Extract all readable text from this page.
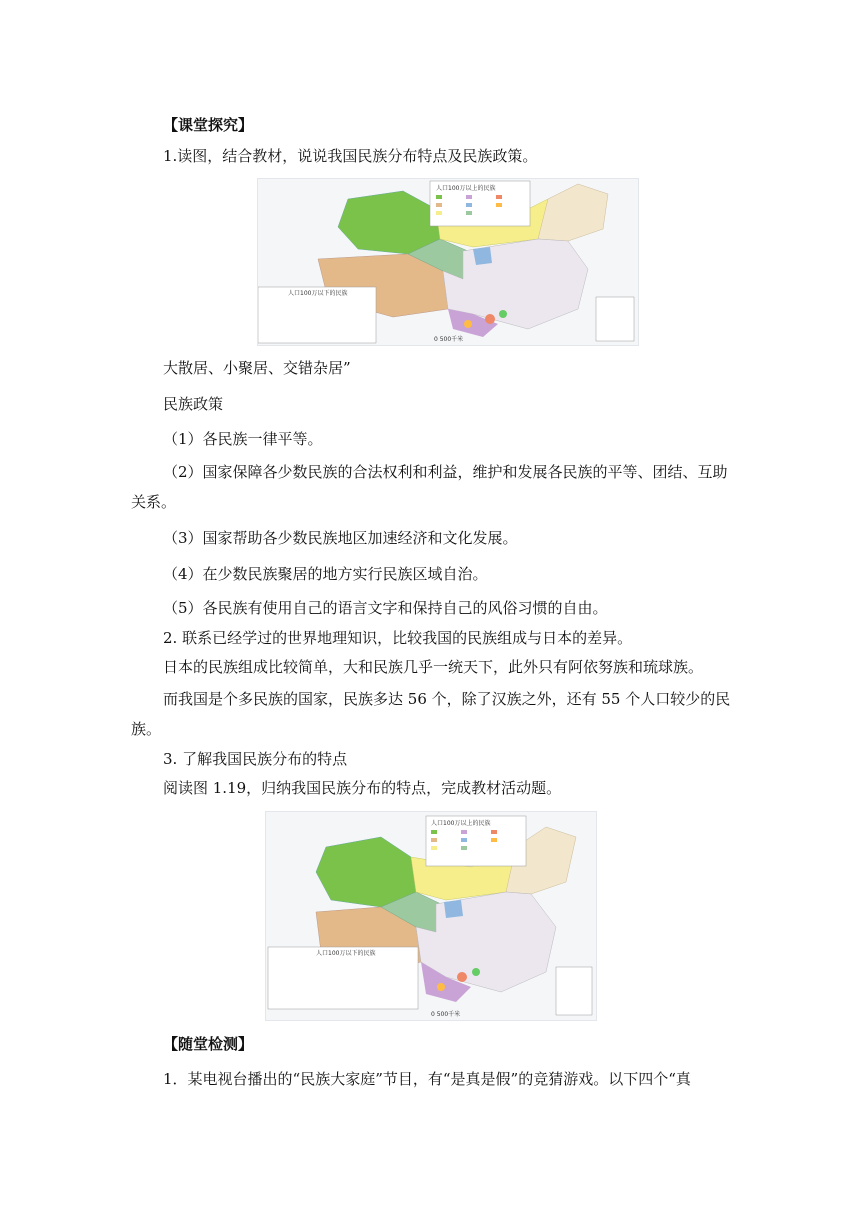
【课堂探究】
1.读图，结合教材，说说我国民族分布特点及民族政策。
人口100万以上的民族
人口100万以下的民族
0 500千米
大散居、小聚居、交错杂居”
民族政策
（1）各民族一律平等。
（2）国家保障各少数民族的合法权利和利益，维护和发展各民族的平等、团结、互助
关系。
（3）国家帮助各少数民族地区加速经济和文化发展。
（4）在少数民族聚居的地方实行民族区域自治。
（5）各民族有使用自己的语言文字和保持自己的风俗习惯的自由。
2. 联系已经学过的世界地理知识，比较我国的民族组成与日本的差异。
日本的民族组成比较简单，大和民族几乎一统天下，此外只有阿依努族和琉球族。
而我国是个多民族的国家，民族多达 56 个，除了汉族之外，还有 55 个人口较少的民
族。
3. 了解我国民族分布的特点
阅读图 1.19，归纳我国民族分布的特点，完成教材活动题。
人口100万以上的民族
人口100万以下的民族
0 500千米
【随堂检测】
1．某电视台播出的“民族大家庭”节目，有“是真是假”的竞猜游戏。以下四个“真
